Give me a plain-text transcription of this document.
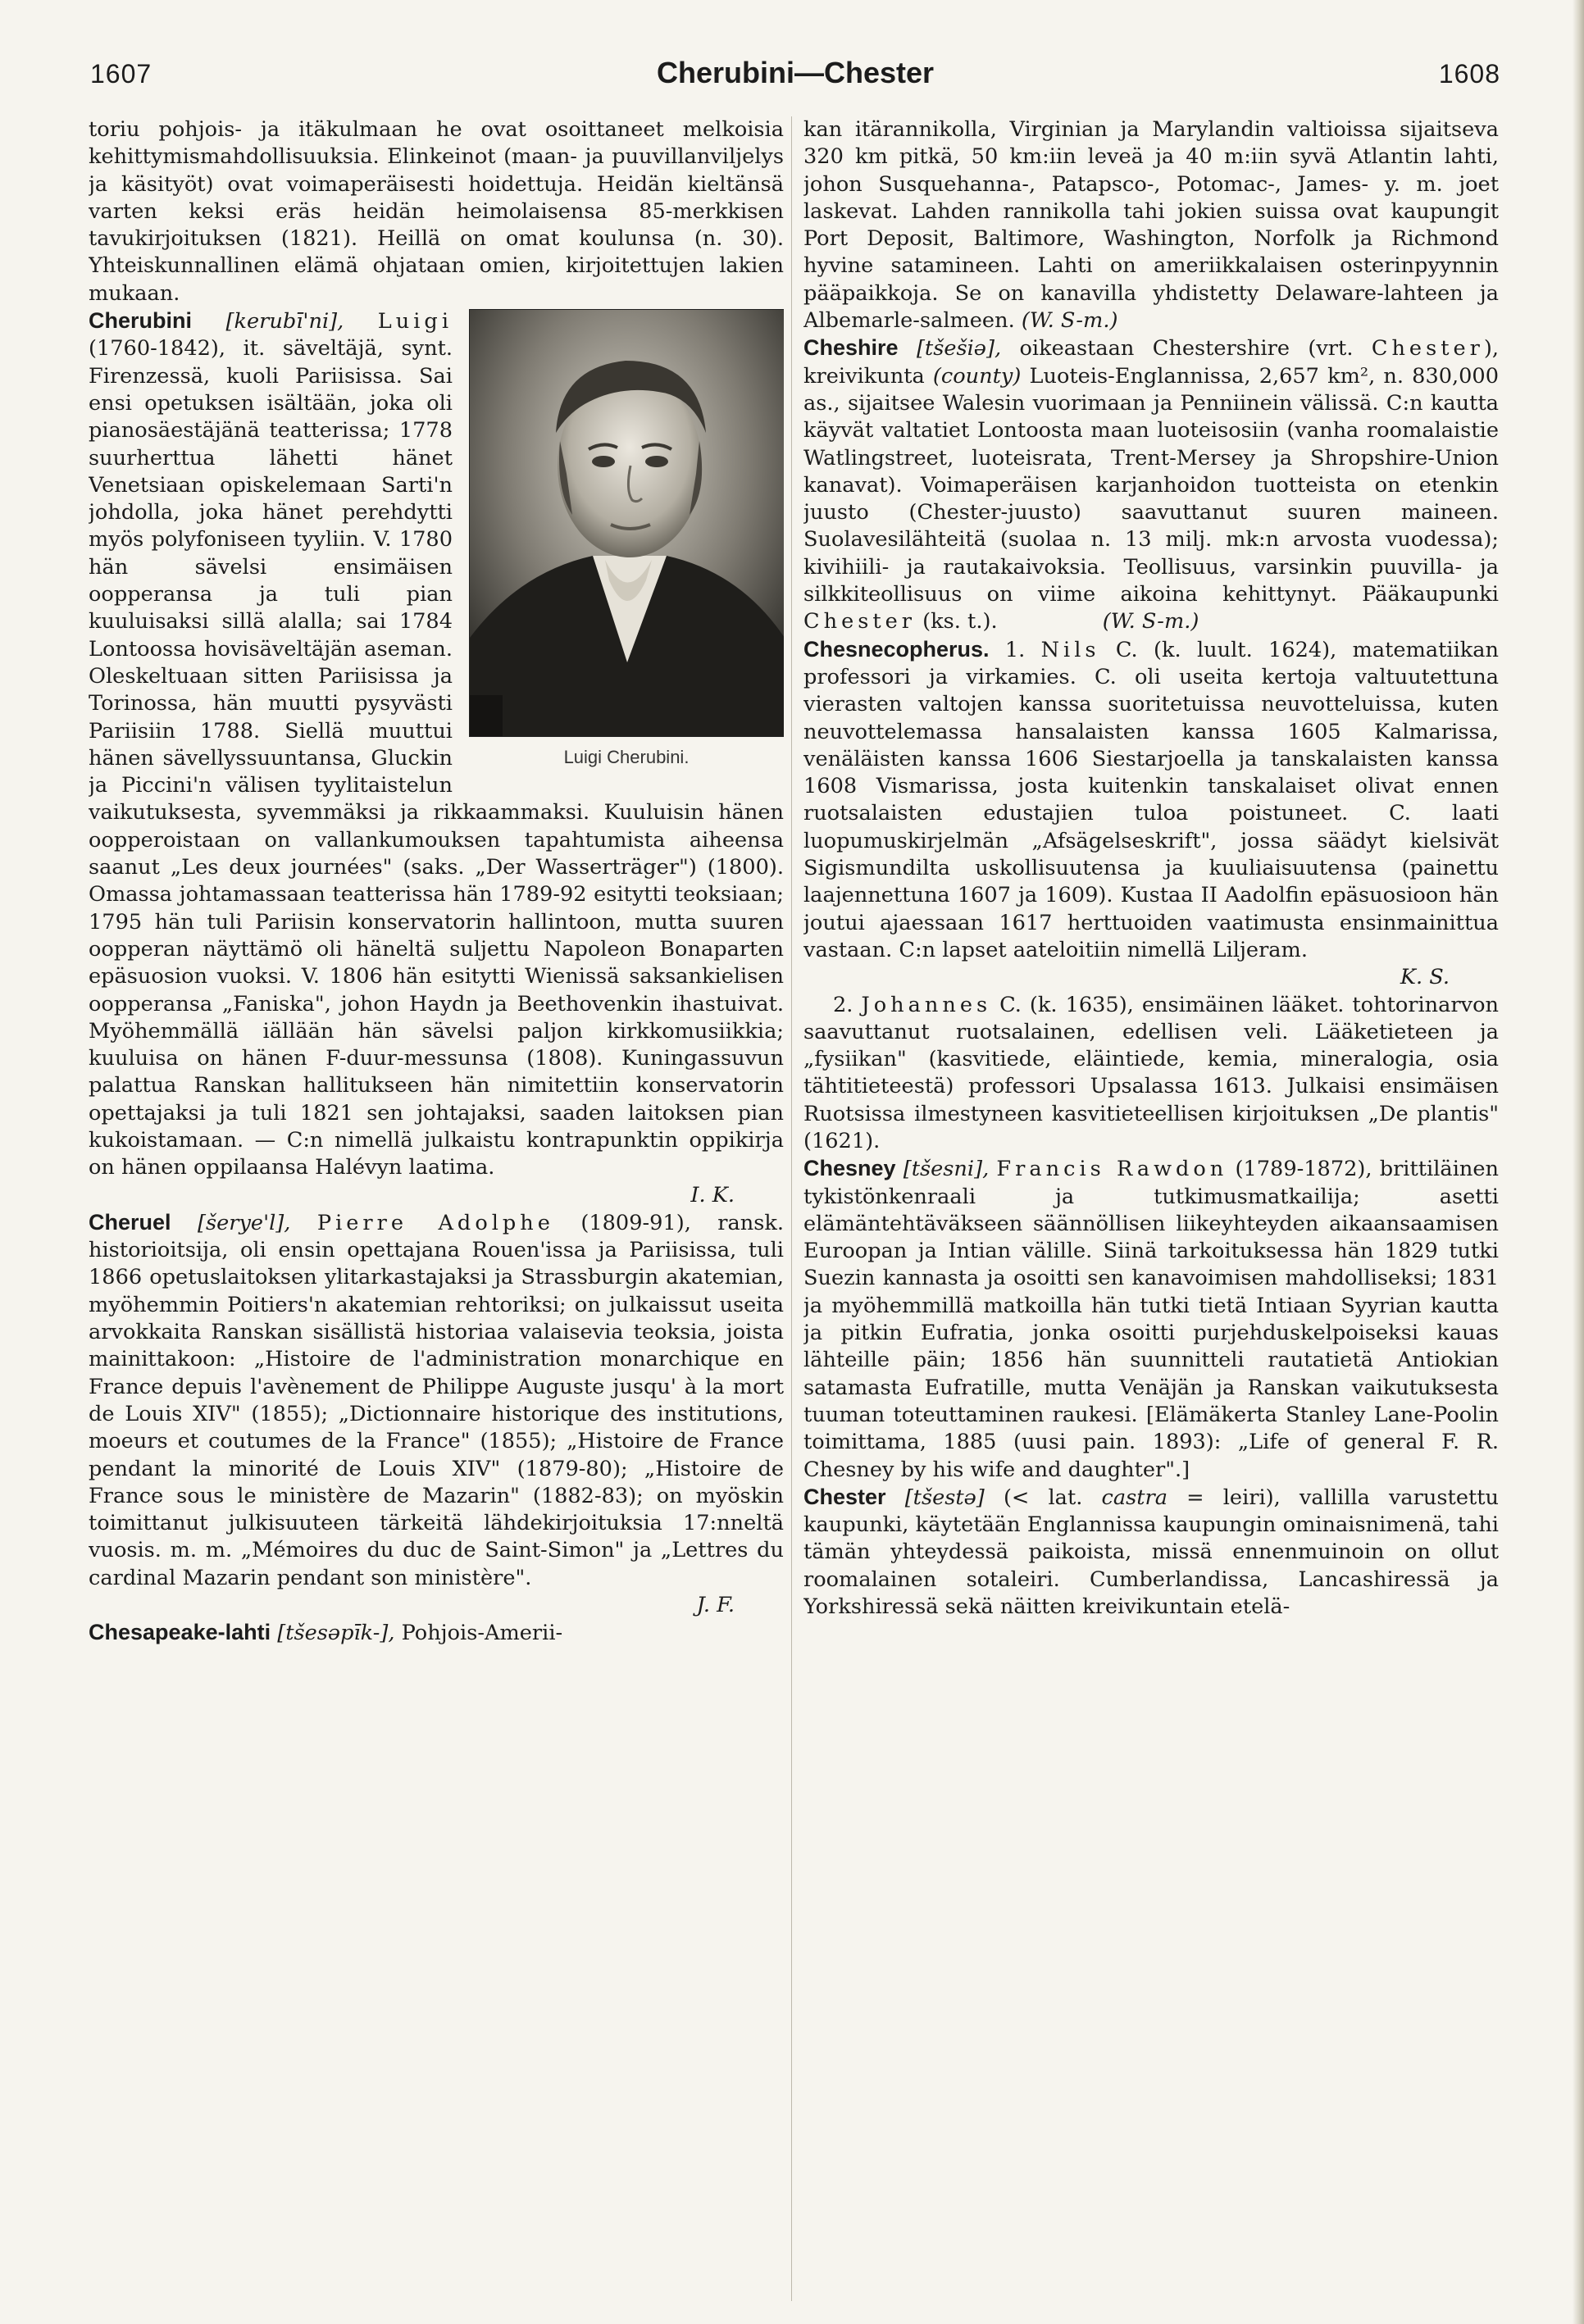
1607	Cherubini—Chester	1608

toriu pohjois- ja itäkulmaan he ovat osoittaneet melkoisia kehittymismahdollisuuksia. Elinkeinot (maan- ja puuvillanviljelys ja käsityöt) ovat voimaperäisesti hoidettuja. Heidän kieltänsä varten keksi eräs heidän heimolaisensa 85-merkkisen tavukirjoituksen (1821). Heillä on omat koulunsa (n. 30). Yhteiskunnallinen elämä ohjataan omien, kirjoitettujen lakien mukaan.

Cherubini [kerubī'ni], Luigi
Luigi Cherubini.
(1760-1842), it. säveltäjä, synt. Firenzessä, kuoli Pariisissa. Sai ensi opetuksen isältään, joka oli pianosäestäjänä teatterissa; 1778 suurherttua lähetti hänet Venetsiaan opiskelemaan Sarti'n johdolla, joka hänet perehdytti myös polyfoniseen tyyliin. V. 1780 hän sävelsi ensimäisen oopperansa ja tuli pian kuuluisaksi sillä alalla; sai 1784 Lontoossa hovisäveltäjän aseman. Oleskeltuaan sitten Pariisissa ja Torinossa, hän muutti pysyvästi Pariisiin 1788. Siellä muuttui hänen sävellyssuuntansa, Gluckin ja Piccini'n välisen tyylitaistelun vaikutuksesta, syvemmäksi ja rikkaammaksi. Kuuluisin hänen oopperoistaan on vallankumouksen tapahtumista aiheensa saanut „Les deux journées" (saks. „Der Wasserträger") (1800). Omassa johtamassaan teatterissa hän 1789-92 esitytti teoksiaan; 1795 hän tuli Pariisin konservatorin hallintoon, mutta suuren oopperan näyttämö oli häneltä suljettu Napoleon Bonaparten epäsuosion vuoksi. V. 1806 hän esitytti Wienissä saksankielisen oopperansa „Faniska", johon Haydn ja Beethovenkin ihastuivat. Myöhemmällä iällään hän sävelsi paljon kirkkomusiikkia; kuuluisa on hänen F-duur-messunsa (1808). Kuningassuvun palattua Ranskan hallitukseen hän nimitettiin konservatorin opettajaksi ja tuli 1821 sen johtajaksi, saaden laitoksen pian kukoistamaan. — C:n nimellä julkaistu kontrapunktin oppikirja on hänen oppilaansa Halévyn laatima.
I. K.

Cheruel [šeryе'l], Pierre Adolphe (1809-91), ransk. historioitsija, oli ensin opettajana Rouen'issa ja Pariisissa, tuli 1866 opetuslaitoksen ylitarkastajaksi ja Strassburgin akatemian, myöhemmin Poitiers'n akatemian rehtoriksi; on julkaissut useita arvokkaita Ranskan sisällistä historiaa valaisevia teoksia, joista mainittakoon: „Histoire de l'administration monarchique en France depuis l'avènement de Philippe Auguste jusqu' à la mort de Louis XIV" (1855); „Dictionnaire historique des institutions, moeurs et coutumes de la France" (1855); „Histoire de France pendant la minorité de Louis XIV" (1879-80); „Histoire de France sous le ministère de Mazarin" (1882-83); on myöskin toimittanut julkisuuteen tärkeitä lähdekirjoituksia 17:nneltä vuosis. m. m. „Mémoires du duc de Saint-Simon" ja „Lettres du cardinal Mazarin pendant son ministère".
J. F.

Chesapeake-lahti [tšesəpīk-], Pohjois-Amerii-

kan itärannikolla, Virginian ja Marylandin valtioissa sijaitseva 320 km pitkä, 50 km:iin leveä ja 40 m:iin syvä Atlantin lahti, johon Susquehanna-, Patapsco-, Potomac-, James- y. m. joet laskevat. Lahden rannikolla tahi jokien suissa ovat kaupungit Port Deposit, Baltimore, Washington, Norfolk ja Richmond hyvine satamineen. Lahti on ameriikkalaisen osterinpyynnin pääpaikkoja. Se on kanavilla yhdistetty Delaware-lahteen ja Albemarle-salmeen. (W. S-m.)

Cheshire [tšešiə], oikeastaan Chestershire (vrt. Chester), kreivikunta (county) Luoteis-Englannissa, 2,657 km², n. 830,000 as., sijaitsee Walesin vuorimaan ja Penniinein välissä. C:n kautta käyvät valtatiet Lontoosta maan luoteisosiin (vanha roomalaistie Watlingstreet, luoteisrata, Trent-Mersey ja Shropshire-Union kanavat). Voimaperäisen karjanhoidon tuotteista on etenkin juusto (Chester-juusto) saavuttanut suuren maineen. Suolavesilähteitä (suolaa n. 13 milj. mk:n arvosta vuodessa); kivihiili- ja rautakaivoksia. Teollisuus, varsinkin puuvilla- ja silkkiteollisuus on viime aikoina kehittynyt. Pääkaupunki Chester (ks. t.).	(W. S-m.)

Chesnecopherus. 1. Nils C. (k. luult. 1624), matematiikan professori ja virkamies. C. oli useita kertoja valtuutettuna vierasten valtojen kanssa suoritetuissa neuvotteluissa, kuten neuvottelemassa hansalaisten kanssa 1605 Kalmarissa, venäläisten kanssa 1606 Siestarjoella ja tanskalaisten kanssa 1608 Vismarissa, josta kuitenkin tanskalaiset olivat ennen ruotsalaisten edustajien tuloa poistuneet. C. laati luopumuskirjelmän „Afsägelseskrift", jossa säädyt kielsivät Sigismundilta uskollisuutensa ja kuuliaisuutensa (painettu laajennettuna 1607 ja 1609). Kustaa II Aadolfin epäsuosioon hän joutui ajaessaan 1617 herttuoiden vaatimusta ensinmainittua vastaan. C:n lapset aateloitiin nimellä Liljeram.
K. S.

2. Johannes C. (k. 1635), ensimäinen lääket. tohtorinarvon saavuttanut ruotsalainen, edellisen veli. Lääketieteen ja „fysiikan" (kasvitiede, eläintiede, kemia, mineralogia, osia tähtitieteestä) professori Upsalassa 1613. Julkaisi ensimäisen Ruotsissa ilmestyneen kasvitieteellisen kirjoituksen „De plantis" (1621).

Chesney [tšesni], Francis Rawdon (1789-1872), brittiläinen tykistönkenraali ja tutkimusmatkailija; asetti elämäntehtäväkseen säännöllisen liikeyhteyden aikaansaamisen Euroopan ja Intian välille. Siinä tarkoituksessa hän 1829 tutki Suezin kannasta ja osoitti sen kanavoimisen mahdolliseksi; 1831 ja myöhemmillä matkoilla hän tutki tietä Intiaan Syyrian kautta ja pitkin Eufratia, jonka osoitti purjehduskelpoiseksi kauas lähteille päin; 1856 hän suunnitteli rautatietä Antiokian satamasta Eufratille, mutta Venäjän ja Ranskan vaikutuksesta tuuman toteuttaminen raukesi. [Elämäkerta Stanley Lane-Poolin toimittama, 1885 (uusi pain. 1893): „Life of general F. R. Chesney by his wife and daughter".]

Chester [tšestə] (< lat. castra = leiri), vallilla varustettu kaupunki, käytetään Englannissa kaupungin ominaisnimenä, tahi tämän yhteydessä paikoista, missä ennenmuinoin on ollut roomalainen sotaleiri. Cumberlandissa, Lancashiressä ja Yorkshiressä sekä näitten kreivikuntain etelä-
